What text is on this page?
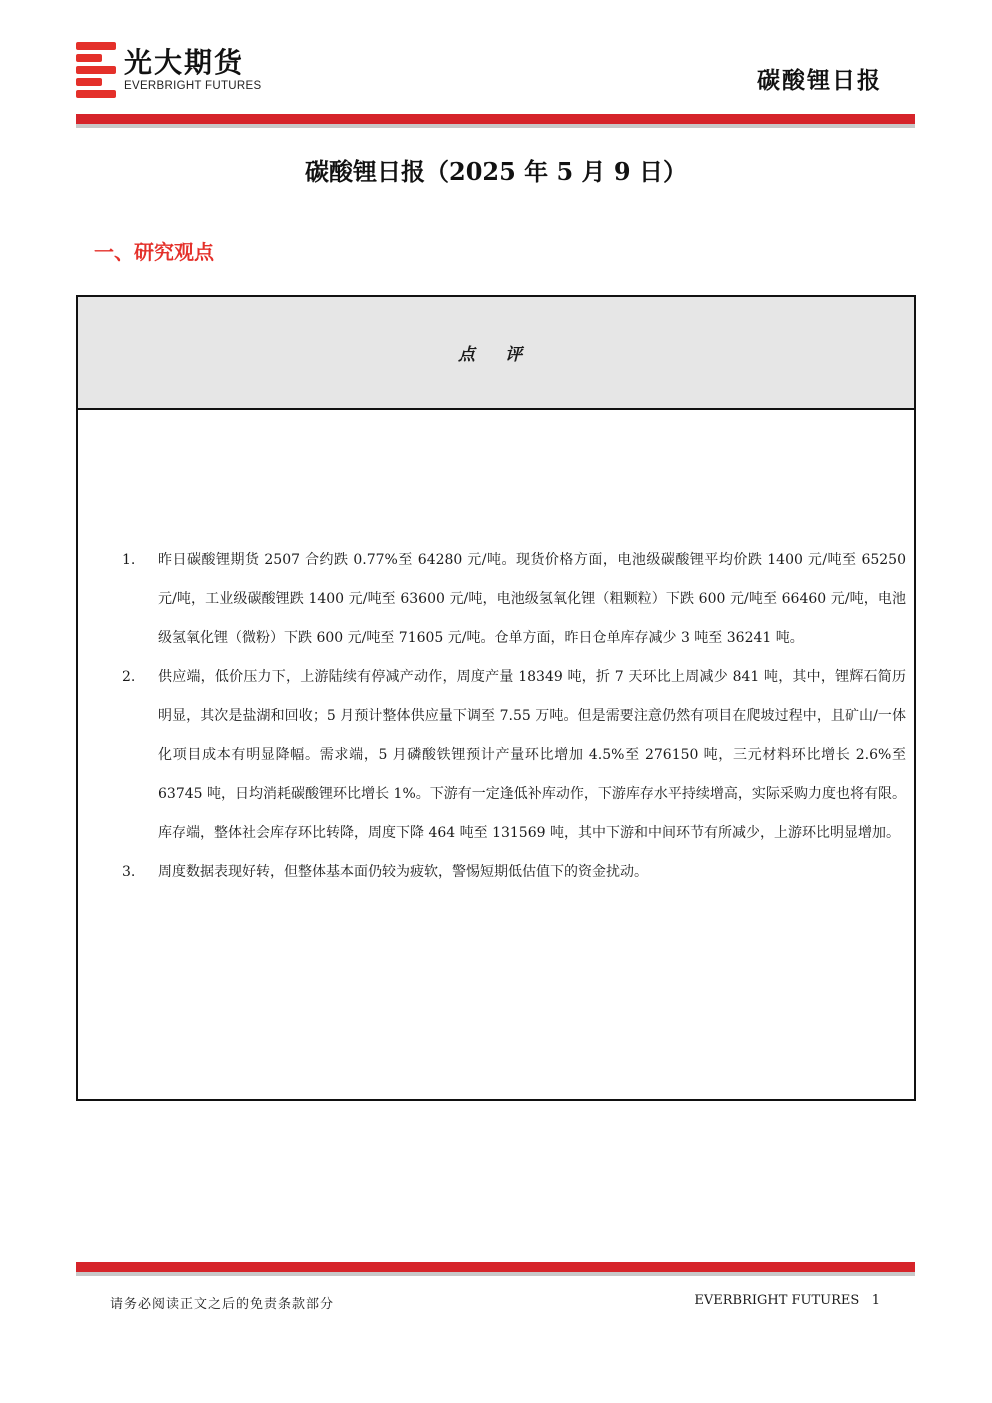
光大期货
EVERBRIGHT FUTURES	碳酸锂日报
碳酸锂日报（2025 年 5 月 9 日）
一、研究观点
点 评
1. 昨日碳酸锂期货 2507 合约跌 0.77%至 64280 元/吨。现货价格方面，电池级碳酸锂平均价跌 1400 元/吨至 65250 元/吨，工业级碳酸锂跌 1400 元/吨至 63600 元/吨，电池级氢氧化锂（粗颗粒）下跌 600 元/吨至 66460 元/吨，电池级氢氧化锂（微粉）下跌 600 元/吨至 71605 元/吨。仓单方面，昨日仓单库存减少 3 吨至 36241 吨。
2. 供应端，低价压力下，上游陆续有停减产动作，周度产量 18349 吨，折 7 天环比上周减少 841 吨，其中，锂辉石简历明显，其次是盐湖和回收；5 月预计整体供应量下调至 7.55 万吨。但是需要注意仍然有项目在爬坡过程中，且矿山/一体化项目成本有明显降幅。需求端，5 月磷酸铁锂预计产量环比增加 4.5%至 276150 吨，三元材料环比增长 2.6%至 63745 吨，日均消耗碳酸锂环比增长 1%。下游有一定逢低补库动作，下游库存水平持续增高，实际采购力度也将有限。库存端，整体社会库存环比转降，周度下降 464 吨至 131569 吨，其中下游和中间环节有所减少，上游环比明显增加。
3. 周度数据表现好转，但整体基本面仍较为疲软，警惕短期低估值下的资金扰动。
请务必阅读正文之后的免责条款部分	EVERBRIGHT FUTURES 1
